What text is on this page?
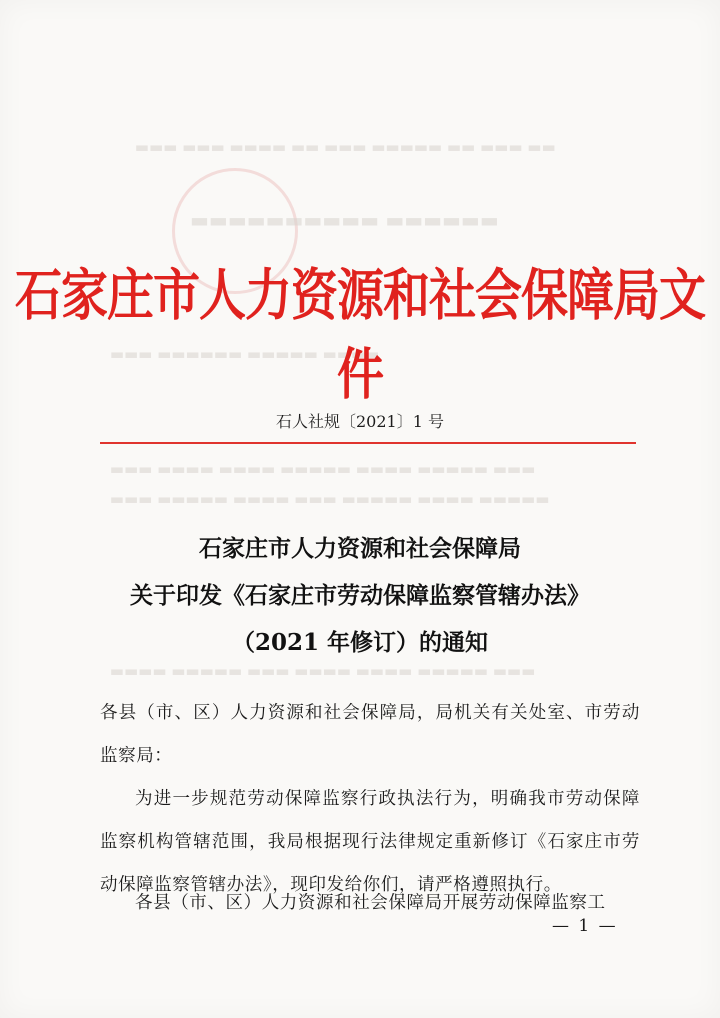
▬▬ ▬▬▬ ▬▬ ▬▬▬▬▬ ▬▬▬ ▬▬ ▬▬▬▬ ▬▬▬ ▬▬▬
▬▬▬▬▬▬ ▬▬▬▬▬▬▬▬▬▬
▬▬▬▬ ▬▬▬▬▬ ▬▬▬▬▬▬ ▬▬▬
▬▬▬ ▬▬▬▬▬ ▬▬▬▬ ▬▬▬▬▬ ▬▬▬▬ ▬▬▬▬ ▬▬▬
▬▬▬▬▬ ▬▬▬▬ ▬▬▬▬▬ ▬▬▬ ▬▬▬▬ ▬▬▬▬▬ ▬▬▬
▬▬▬ ▬▬▬▬▬ ▬▬▬▬ ▬▬▬▬ ▬▬▬ ▬▬▬▬▬ ▬▬▬▬
石家庄市人力资源和社会保障局文件
石人社规〔2021〕1 号
石家庄市人力资源和社会保障局
关于印发《石家庄市劳动保障监察管辖办法》
（2021 年修订）的通知
各县（市、区）人力资源和社会保障局，局机关有关处室、市劳动监察局：
为进一步规范劳动保障监察行政执法行为，明确我市劳动保障监察机构管辖范围，我局根据现行法律规定重新修订《石家庄市劳动保障监察管辖办法》，现印发给你们，请严格遵照执行。
各县（市、区）人力资源和社会保障局开展劳动保障监察工
— 1 —
